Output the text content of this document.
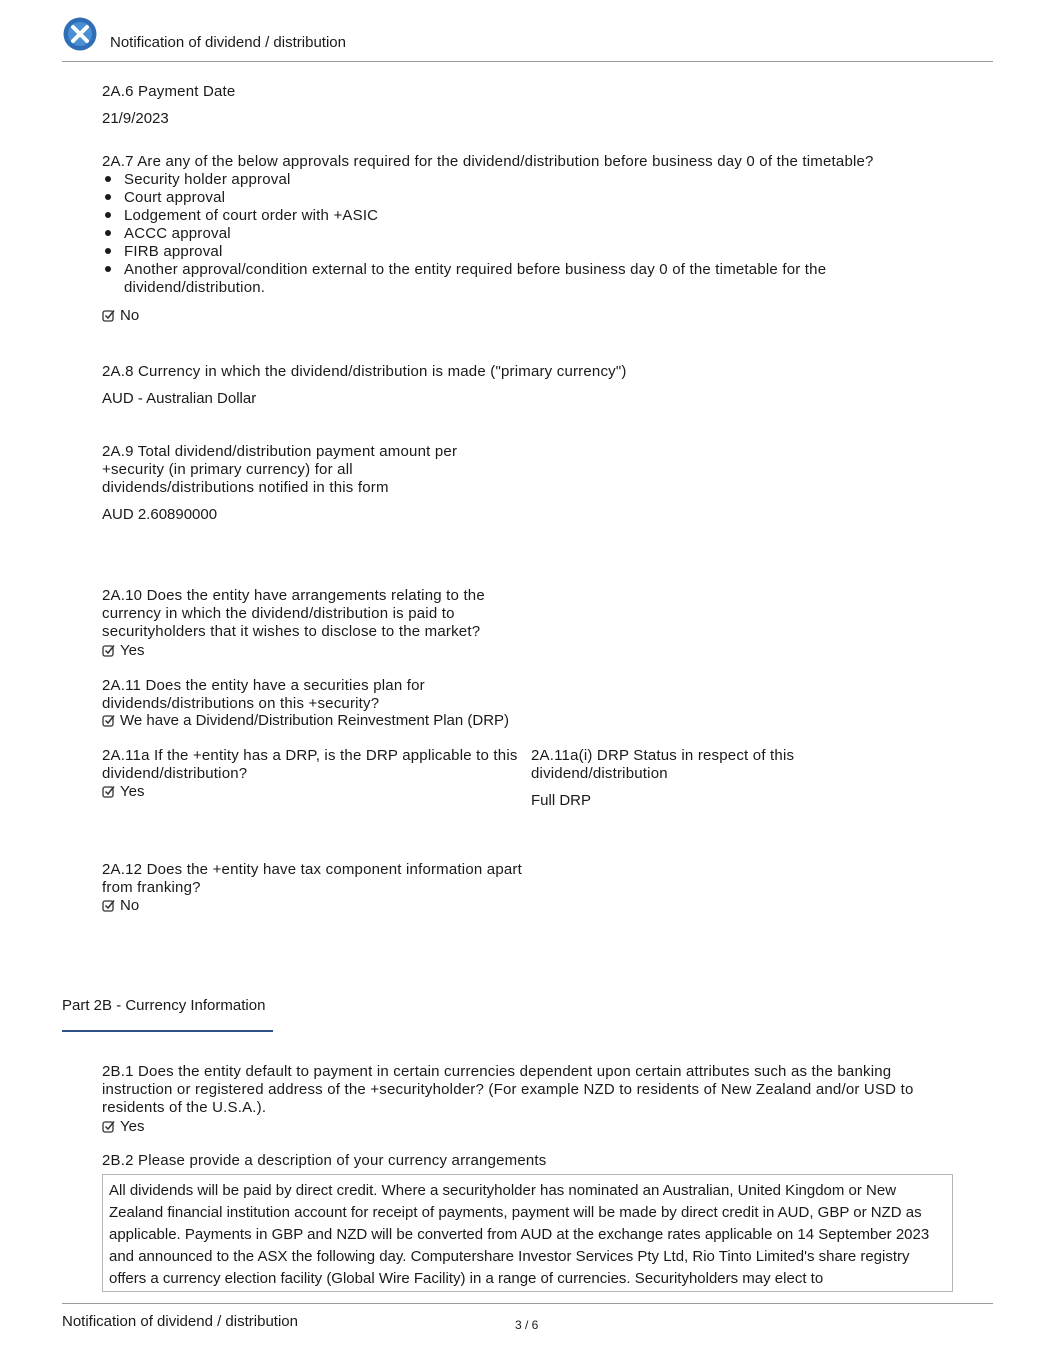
Notification of dividend / distribution
2A.6 Payment Date
21/9/2023
2A.7 Are any of the below approvals required for the dividend/distribution before business day 0 of the timetable?
Security holder approval
Court approval
Lodgement of court order with +ASIC
ACCC approval
FIRB approval
Another approval/condition external to the entity required before business day 0 of the timetable for the dividend/distribution.
No
2A.8 Currency in which the dividend/distribution is made ("primary currency")
AUD - Australian Dollar
2A.9 Total dividend/distribution payment amount per +security (in primary currency) for all dividends/distributions notified in this form
AUD 2.60890000
2A.10 Does the entity have arrangements relating to the currency in which the dividend/distribution is paid to securityholders that it wishes to disclose to the market?
Yes
2A.11 Does the entity have a securities plan for dividends/distributions on this +security?
We have a Dividend/Distribution Reinvestment Plan (DRP)
2A.11a If the +entity has a DRP, is the DRP applicable to this dividend/distribution?
Yes
2A.11a(i) DRP Status in respect of this dividend/distribution
Full DRP
2A.12 Does the +entity have tax component information apart from franking?
No
Part 2B - Currency Information
2B.1 Does the entity default to payment in certain currencies dependent upon certain attributes such as the banking instruction or registered address of the +securityholder? (For example NZD to residents of New Zealand and/or USD to residents of the U.S.A.).
Yes
2B.2 Please provide a description of your currency arrangements
All dividends will be paid by direct credit. Where a securityholder has nominated an Australian, United Kingdom or New Zealand financial institution account for receipt of payments, payment will be made by direct credit in AUD, GBP or NZD as applicable. Payments in GBP and NZD will be converted from AUD at the exchange rates applicable on 14 September 2023 and announced to the ASX the following day. Computershare Investor Services Pty Ltd, Rio Tinto Limited's share registry offers a currency election facility (Global Wire Facility) in a range of currencies. Securityholders may elect to
Notification of dividend / distribution	3 / 6
